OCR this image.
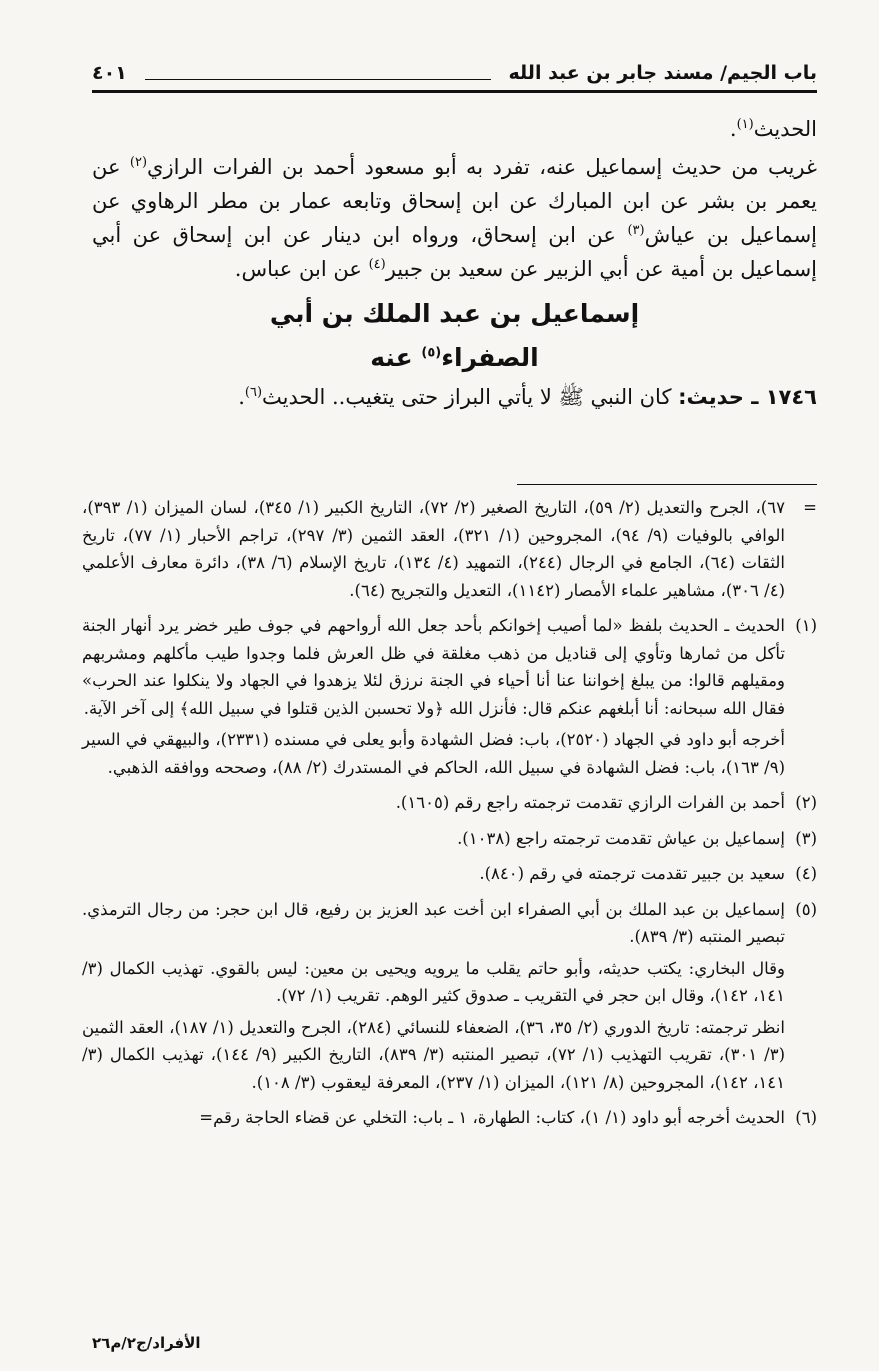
باب الجيم/ مسند جابر بن عبد الله
٤٠١

الحديث$^{(١)}$.

غريب من حديث إسماعيل عنه، تفرد به أبو مسعود أحمد بن الفرات الرازي$^{(٢)}$ عن يعمر بن بشر عن ابن المبارك عن ابن إسحاق وتابعه عمار بن مطر الرهاوي عن إسماعيل بن عياش$^{(٣)}$ عن ابن إسحاق، ورواه ابن دينار عن ابن إسحاق عن أبي إسماعيل بن أمية عن أبي الزبير عن سعيد بن جبير$^{(٤)}$ عن ابن عباس.

إسماعيل بن عبد الملك بن أبي
الصفراء$^{(٥)}$ عنه

١٧٤٦ ـ حديث: كان النبي ﷺ لا يأتي البراز حتى يتغيب.. الحديث$^{(٦)}$.

=

٦٧)، الجرح والتعديل (٢/ ٥٩)، التاريخ الصغير (٢/ ٧٢)، التاريخ الكبير (١/ ٣٤٥)، لسان الميزان (١/ ٣٩٣)، الوافي بالوفيات (٩/ ٩٤)، المجروحين (١/ ٣٢١)، العقد الثمين (٣/ ٢٩٧)، تراجم الأحبار (١/ ٧٧)، تاريخ الثقات (٦٤)، الجامع في الرجال (٢٤٤)، التمهيد (٤/ ١٣٤)، تاريخ الإسلام (٦/ ٣٨)، دائرة معارف الأعلمي (٤/ ٣٠٦)، مشاهير علماء الأمصار (١١٤٢)، التعديل والتجريح (٦٤).

(١)

الحديث ـ الحديث بلفظ «لما أصيب إخوانكم بأحد جعل الله أرواحهم في جوف طير خضر يرد أنهار الجنة تأكل من ثمارها وتأوي إلى قناديل من ذهب مغلقة في ظل العرش فلما وجدوا طيب مأكلهم ومشربهم ومقيلهم قالوا: من يبلغ إخواننا عنا أنا أحياء في الجنة نرزق لئلا يزهدوا في الجهاد ولا ينكلوا عند الحرب» فقال الله سبحانه: أنا أبلغهم عنكم قال: فأنزل الله ﴿ولا تحسبن الذين قتلوا في سبيل الله﴾ إلى آخر الآية.

أخرجه أبو داود في الجهاد (٢٥٢٠)، باب: فضل الشهادة وأبو يعلى في مسنده (٢٣٣١)، والبيهقي في السير (٩/ ١٦٣)، باب: فضل الشهادة في سبيل الله، الحاكم في المستدرك (٢/ ٨٨)، وصححه ووافقه الذهبي.

(٢)

أحمد بن الفرات الرازي تقدمت ترجمته راجع رقم (١٦٠٥).

(٣)

إسماعيل بن عياش تقدمت ترجمته راجع (١٠٣٨).

(٤)

سعيد بن جبير تقدمت ترجمته في رقم (٨٤٠).

(٥)

إسماعيل بن عبد الملك بن أبي الصفراء ابن أخت عبد العزيز بن رفيع، قال ابن حجر: من رجال الترمذي. تبصير المنتبه (٣/ ٨٣٩).

وقال البخاري: يكتب حديثه، وأبو حاتم يقلب ما يرويه ويحيى بن معين: ليس بالقوي. تهذيب الكمال (٣/ ١٤١، ١٤٢)، وقال ابن حجر في التقريب ـ صدوق كثير الوهم. تقريب (١/ ٧٢).

انظر ترجمته: تاريخ الدوري (٢/ ٣٥، ٣٦)، الضعفاء للنسائي (٢٨٤)، الجرح والتعديل (١/ ١٨٧)، العقد الثمين (٣/ ٣٠١)، تقريب التهذيب (١/ ٧٢)، تبصير المنتبه (٣/ ٨٣٩)، التاريخ الكبير (٩/ ١٤٤)، تهذيب الكمال (٣/ ١٤١، ١٤٢)، المجروحين (٨/ ١٢١)، الميزان (١/ ٢٣٧)، المعرفة ليعقوب (٣/ ١٠٨).

(٦)

الحديث أخرجه أبو داود (١/ ١)، كتاب: الطهارة، ١ ـ باب: التخلي عن قضاء الحاجة رقم=

الأفراد/ج٢/م٢٦
